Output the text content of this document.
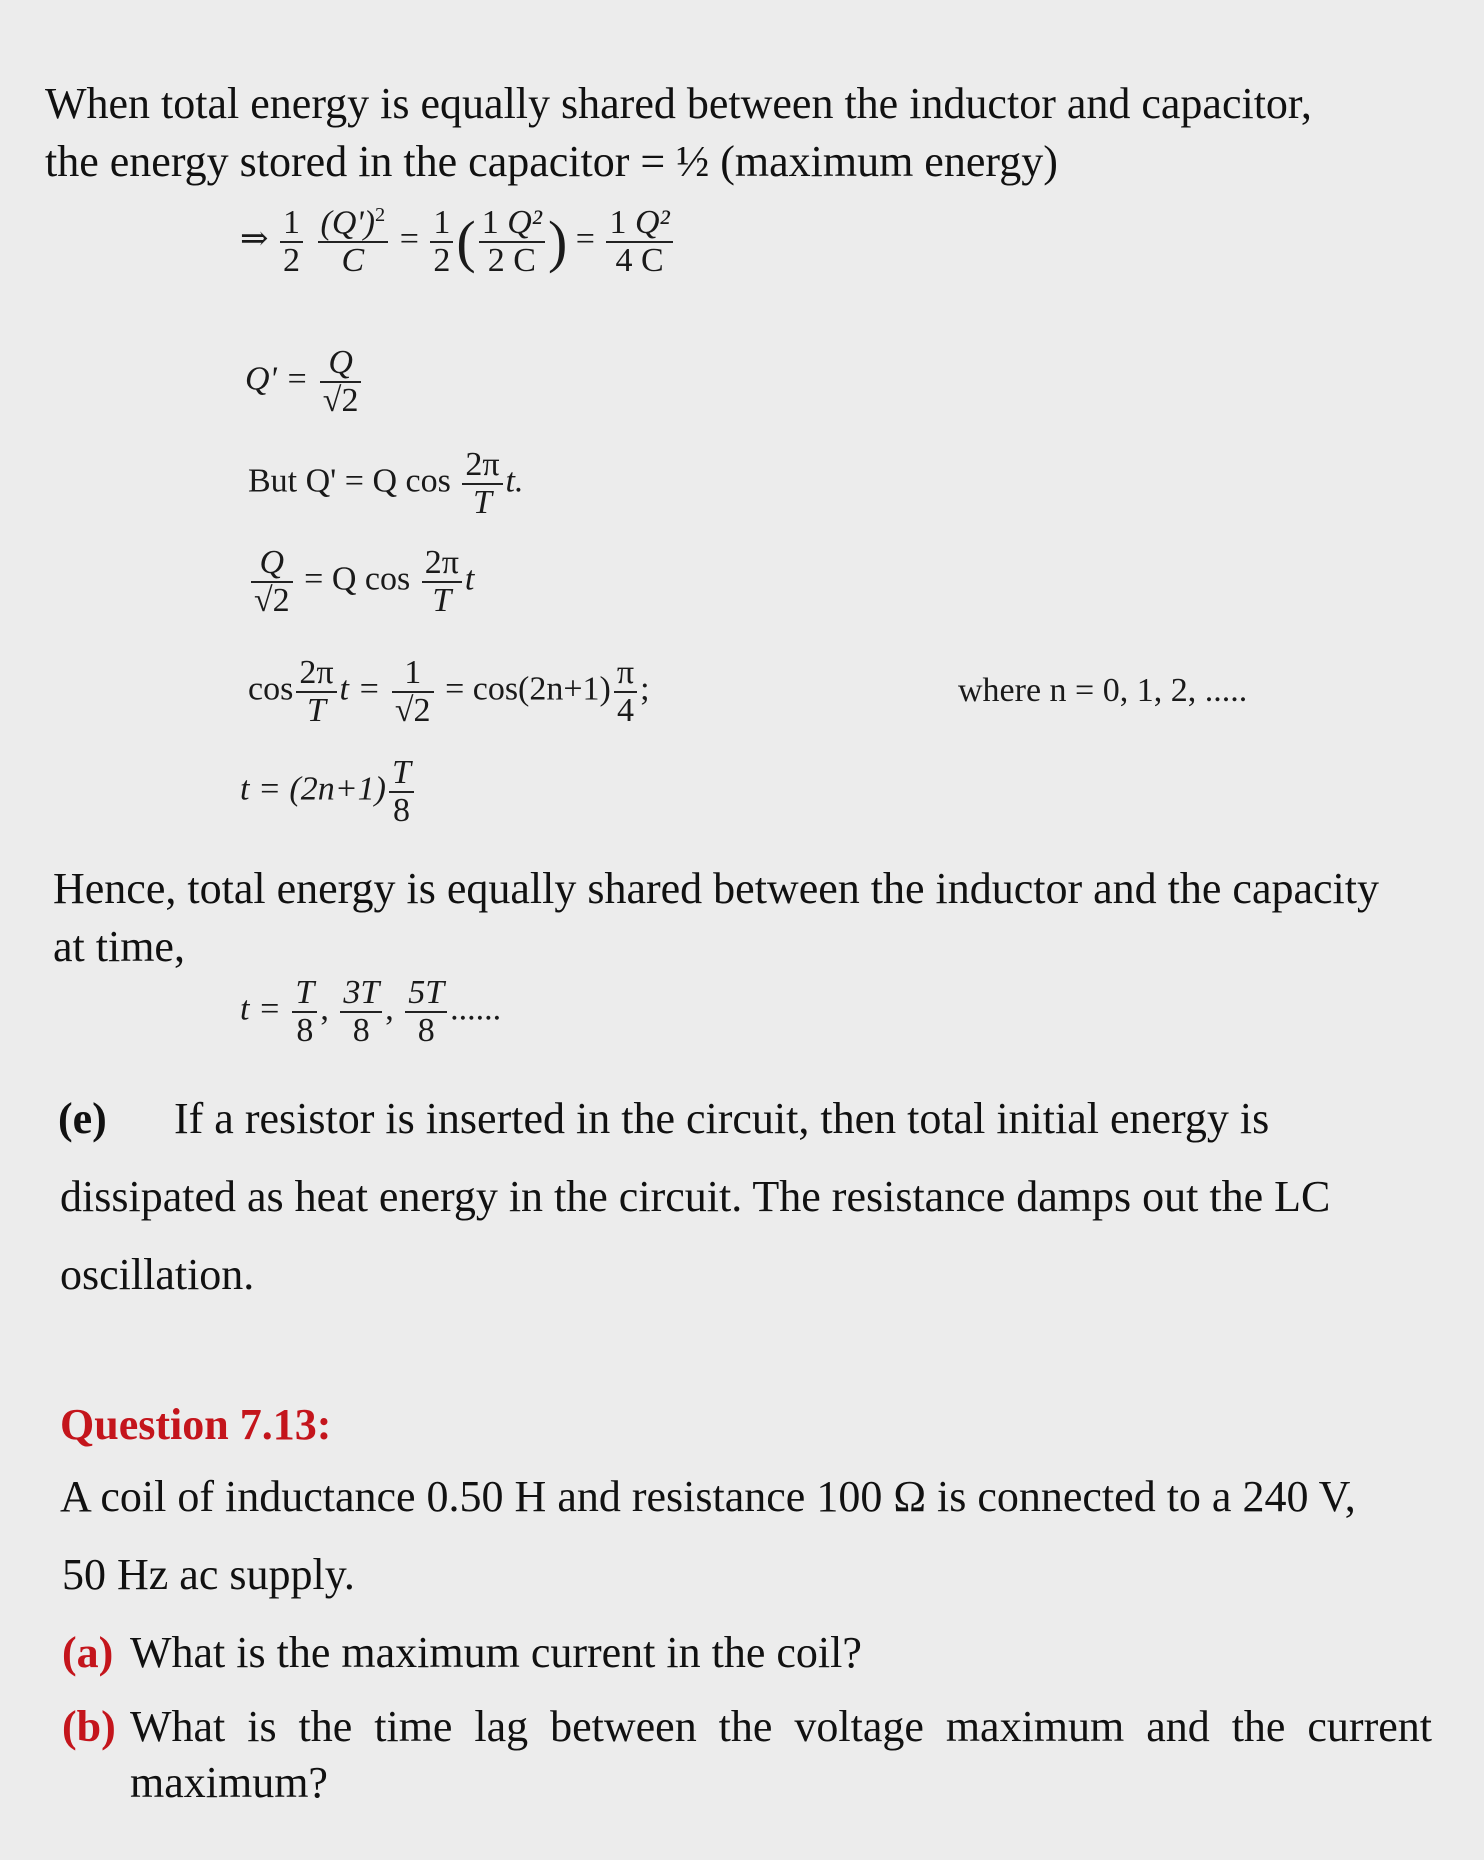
When total energy is equally shared between the inductor and capacitor,
the energy stored in the capacitor = ½ (maximum energy)
⇒ $\frac{1}{2}$
$\frac{(Q')^2}{C} = \frac{1}{2}$ ( $\frac{\text{1 Q²}}{2 C}$ ) = $\frac{\text{1 Q²}}{4 C}$
$Q' = \frac{Q}{√2}$
But Q' = Q $\cos \frac{2\pi}{T} t$.
$\frac{Q}{√2} = Q$ $\cos \frac{2\pi}{T}$ t
$\cos \frac{2\pi}{T}$ $t = \frac{1}{√2} = \cos(2n+1) \frac{\pi}{4}$ ;	where n = 0, 1, 2, .....
$t = (2n+1) \frac{T}{8}$
Hence, total energy is equally shared between the inductor and the capacity
at time,
$t = \frac{T}{8}$ , $\frac{3T}{8}$ , $\frac{5T}{8}$ ......
(e) If a resistor is inserted in the circuit, then total initial energy is
dissipated as heat energy in the circuit. The resistance damps out the LC
oscillation.
Question 7.13:
A coil of inductance 0.50 H and resistance 100 Ω is connected to a 240 V,
50 Hz ac supply.
(a) What is the maximum current in the coil?
(b) What is the time lag between the voltage maximum and the current
maximum?
